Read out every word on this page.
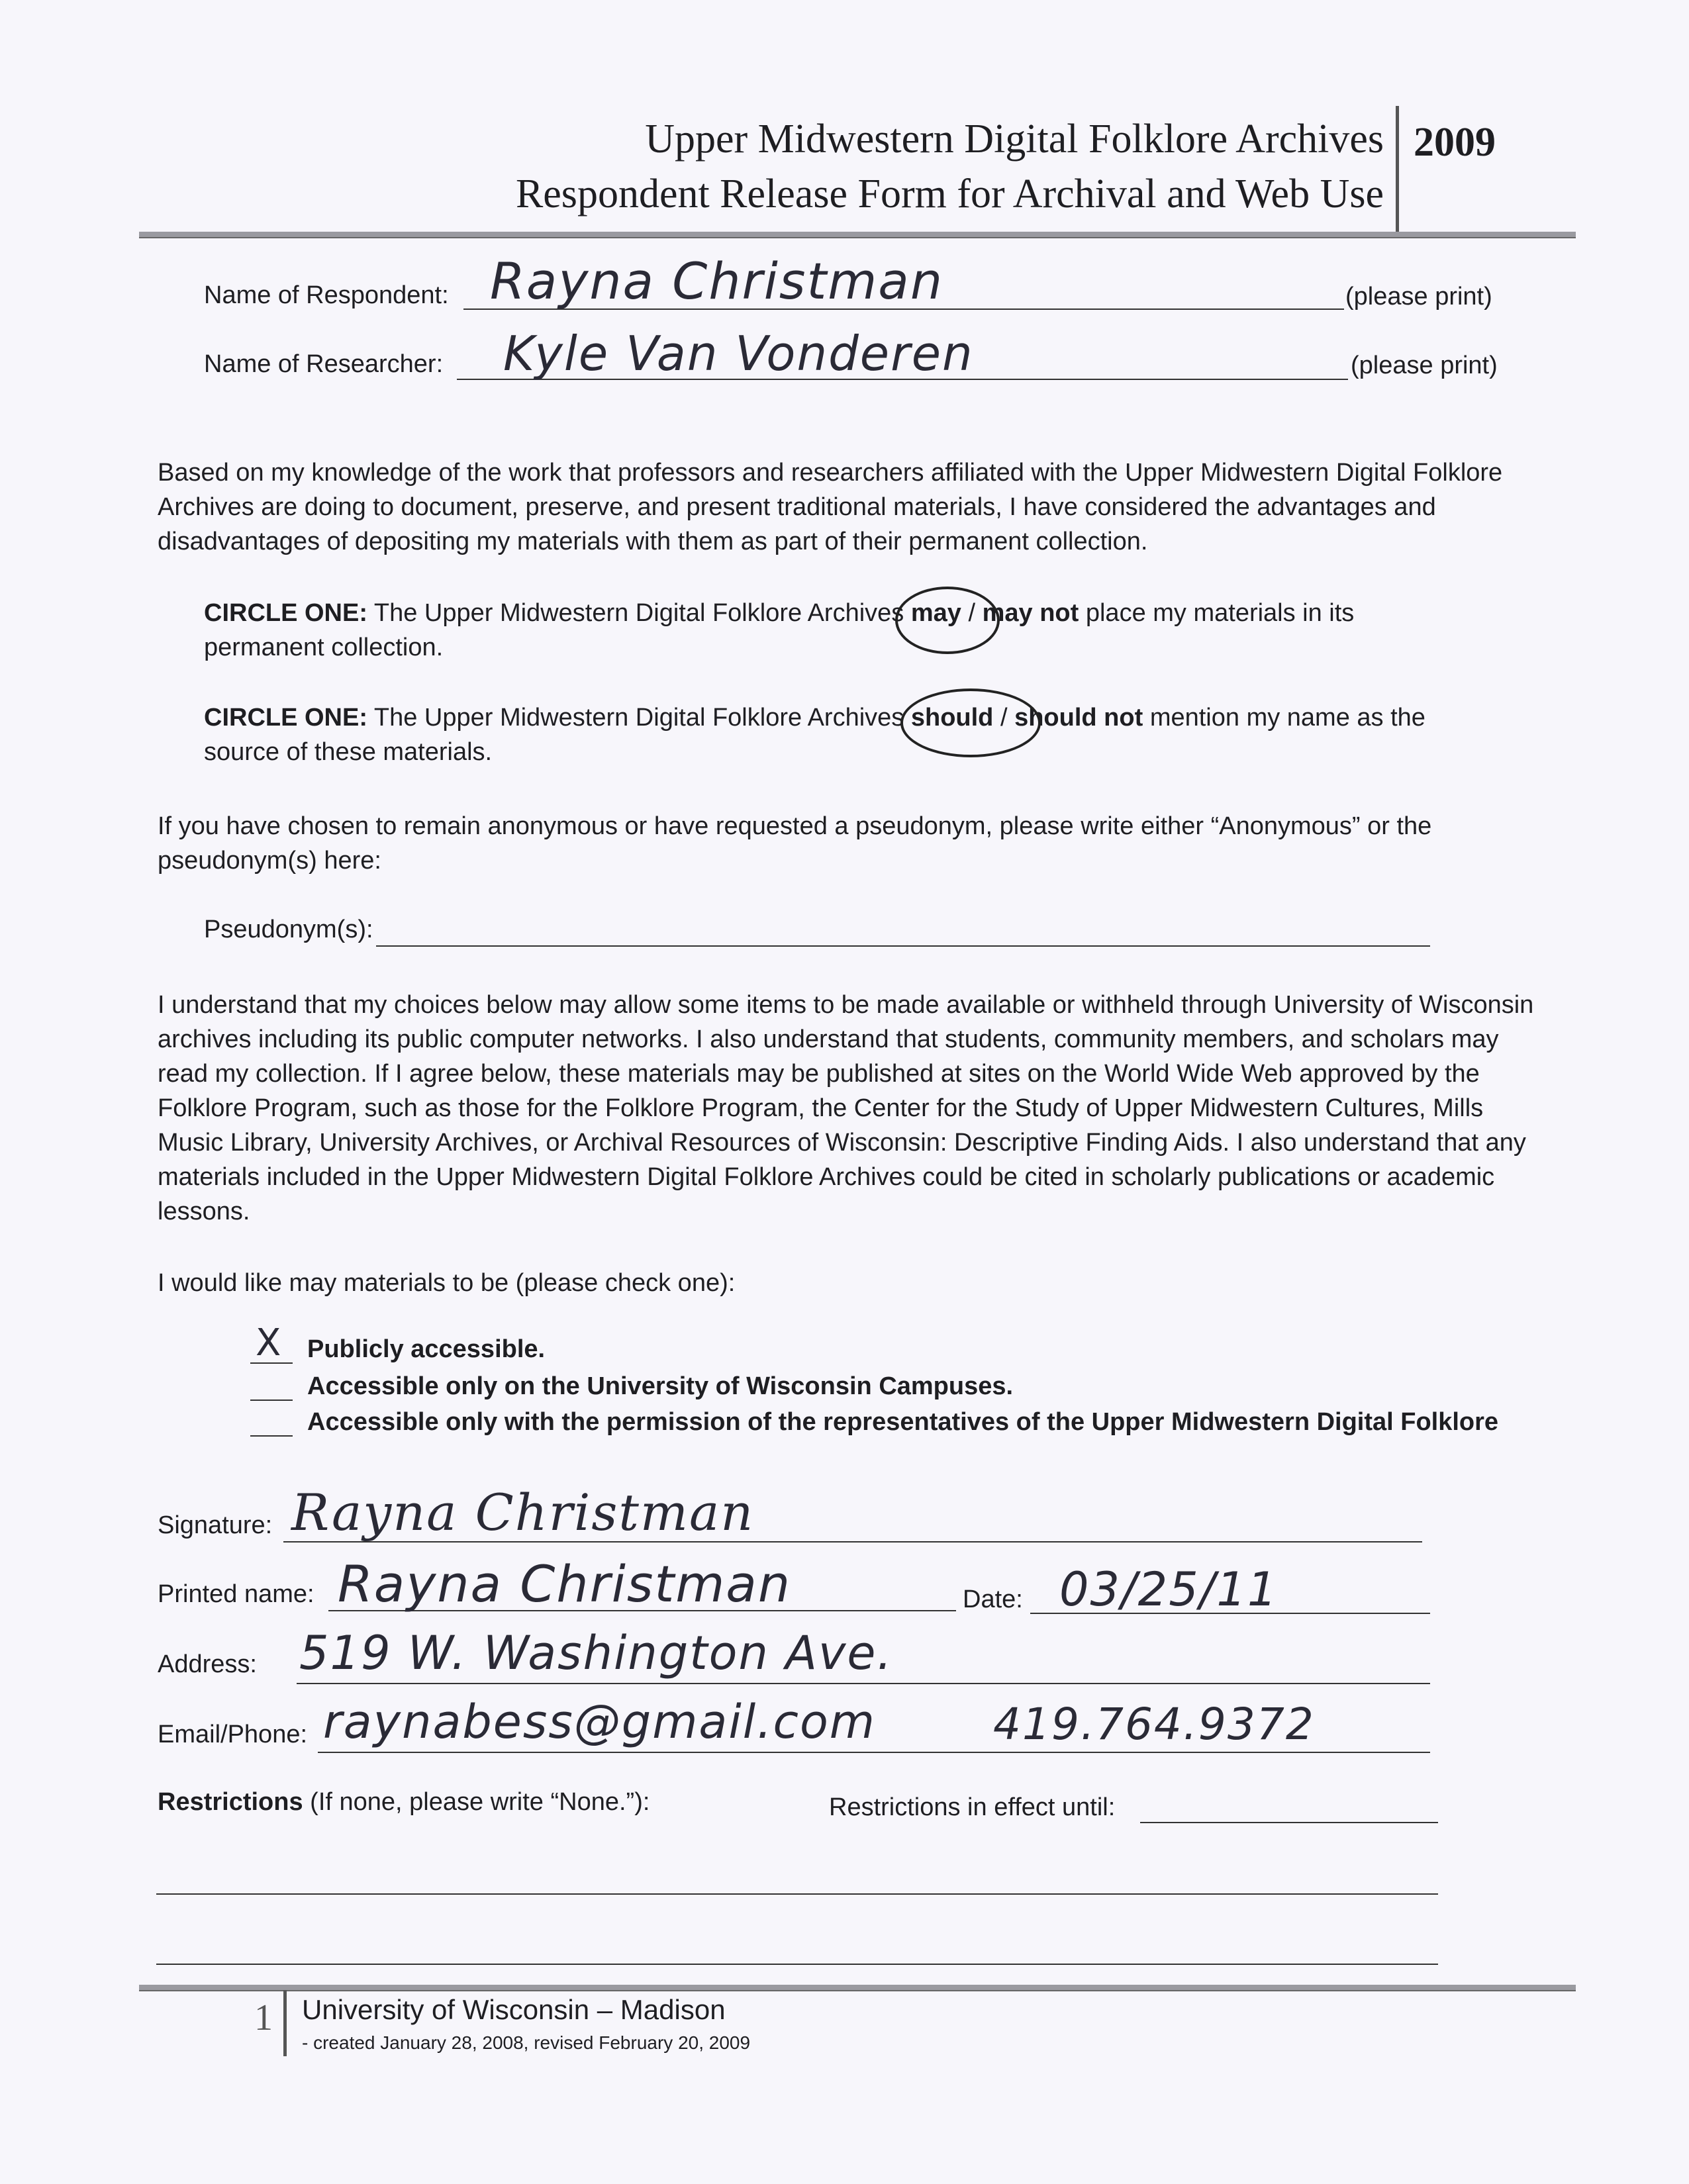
Upper Midwestern Digital Folklore Archives
Respondent Release Form for Archival and Web Use
2009
Name of Respondent: Rayna Christman	(please print)
Name of Researcher: Kyle Van Vonderen	(please print)
Based on my knowledge of the work that professors and researchers affiliated with the Upper Midwestern Digital Folklore Archives are doing to document, preserve, and present traditional materials, I have considered the advantages and disadvantages of depositing my materials with them as part of their permanent collection.
CIRCLE ONE: The Upper Midwestern Digital Folklore Archives may / may not place my materials in its
permanent collection.
CIRCLE ONE: The Upper Midwestern Digital Folklore Archives should / should not mention my name as the
source of these materials.
If you have chosen to remain anonymous or have requested a pseudonym, please write either “Anonymous” or the pseudonym(s) here:
Pseudonym(s):
I understand that my choices below may allow some items to be made available or withheld through University of Wisconsin archives including its public computer networks. I also understand that students, community members, and scholars may read my collection. If I agree below, these materials may be published at sites on the World Wide Web approved by the Folklore Program, such as those for the Folklore Program, the Center for the Study of Upper Midwestern Cultures, Mills Music Library, University Archives, or Archival Resources of Wisconsin: Descriptive Finding Aids. I also understand that any materials included in the Upper Midwestern Digital Folklore Archives could be cited in scholarly publications or academic lessons.
I would like may materials to be (please check one):
X Publicly accessible.
Accessible only on the University of Wisconsin Campuses.
Accessible only with the permission of the representatives of the Upper Midwestern Digital Folklore
Signature: Rayna Christman
Printed name: Rayna Christman	Date: 03/25/11
Address: 519 W. Washington Ave.
Email/Phone: raynabess@gmail.com	419.764.9372
Restrictions (If none, please write “None.”):	Restrictions in effect until:
1 University of Wisconsin – Madison
- created January 28, 2008, revised February 20, 2009
